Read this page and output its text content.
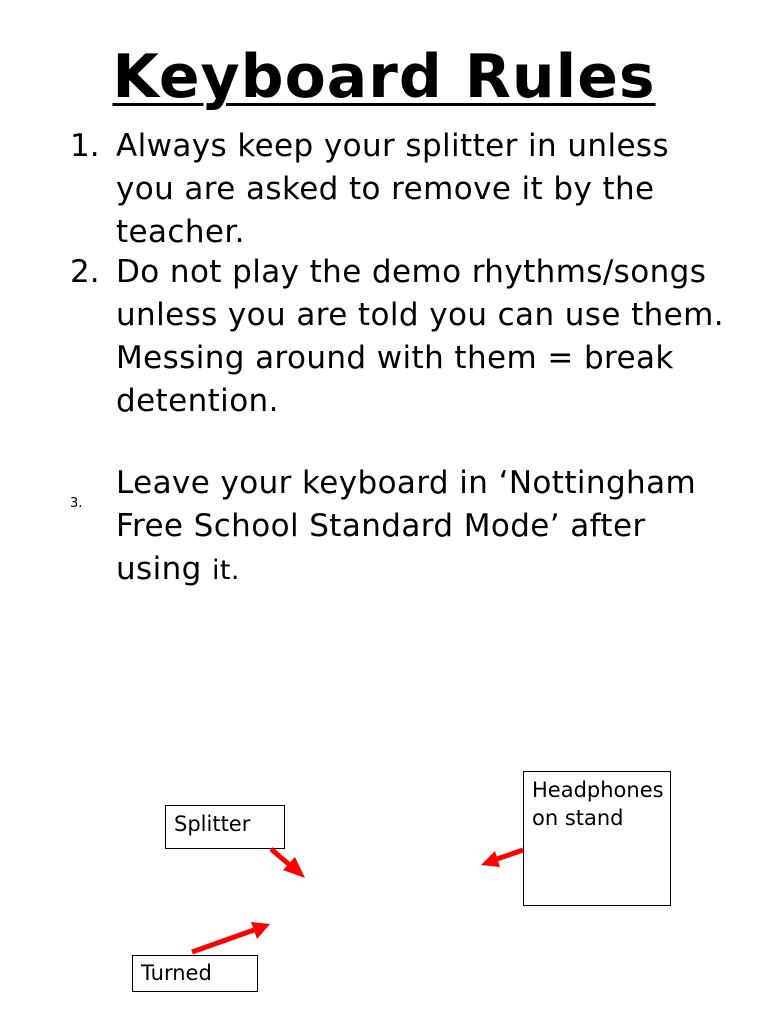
Keyboard Rules
1. Always keep your splitter in unless you are asked to remove it by the teacher.
2. Do not play the demo rhythms/songs unless you are told you can use them. Messing around with them = break detention.
3.
Leave your keyboard in ‘Nottingham Free School Standard Mode’ after using it.
Splitter
Headphones on stand
Turned
